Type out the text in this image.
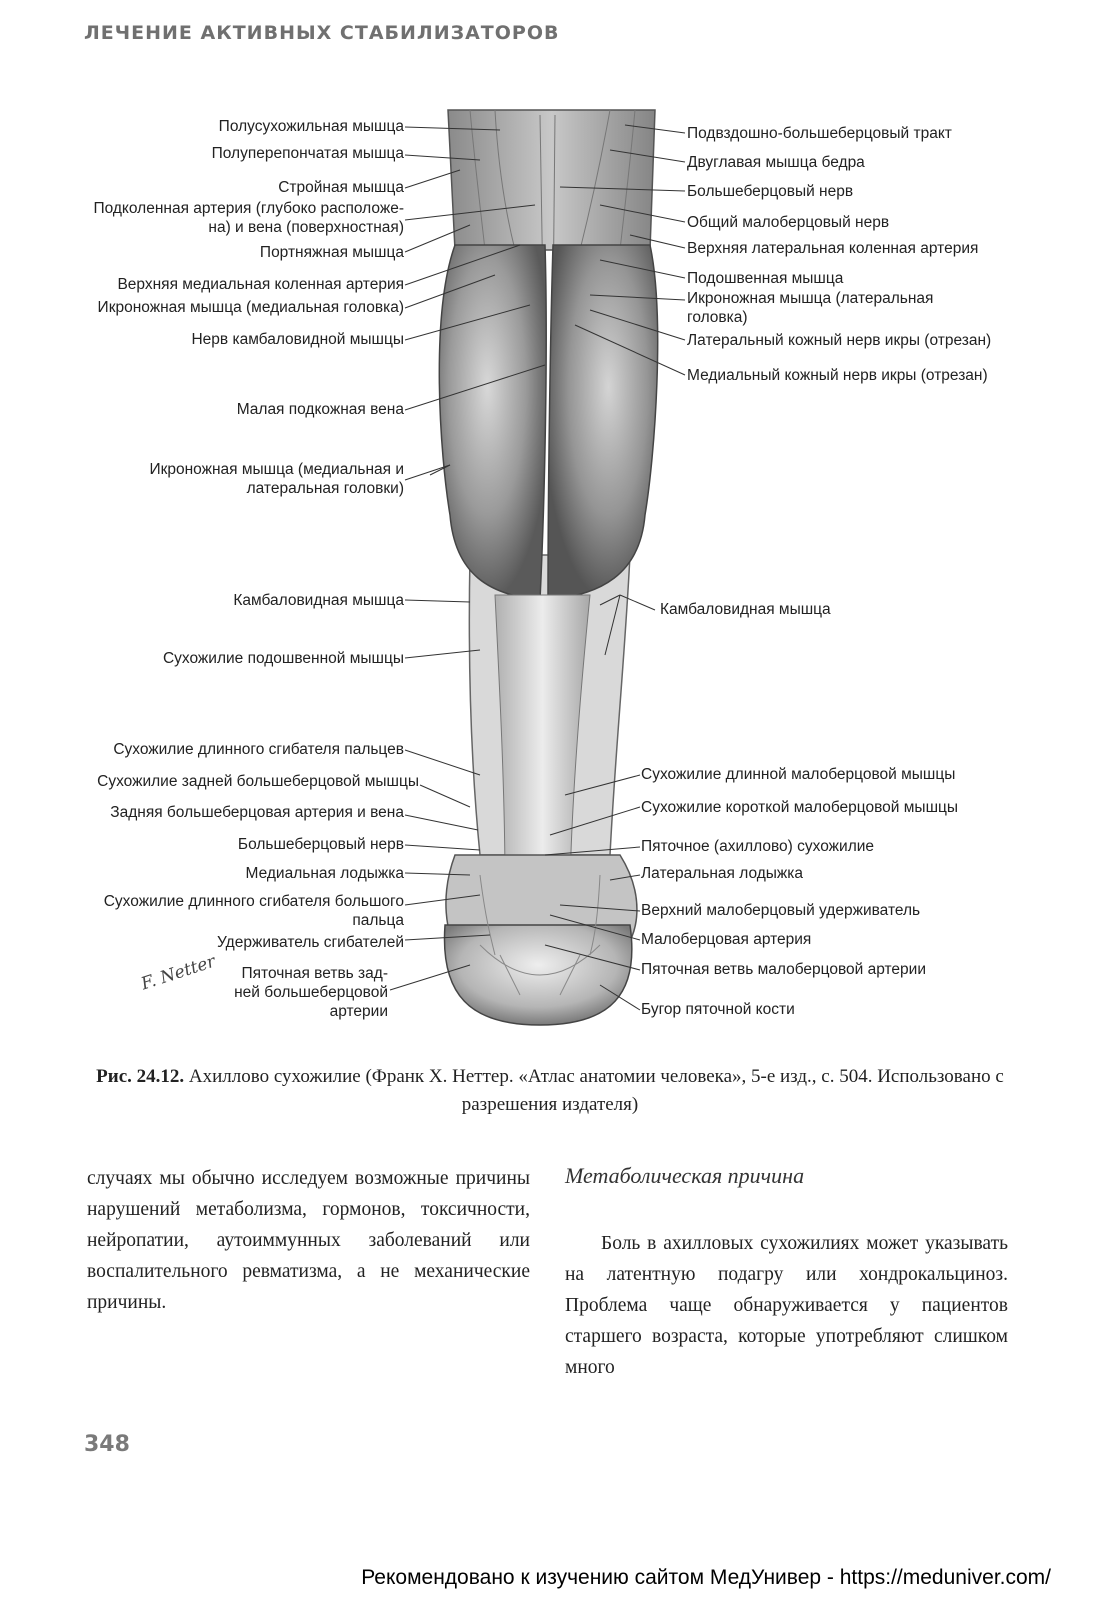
ЛЕЧЕНИЕ АКТИВНЫХ СТАБИЛИЗАТОРОВ
F. Netter
Полусухожильная мышца
Полуперепончатая мышца
Стройная мышца
Подколенная артерия (глубоко расположе-
на) и вена (поверхностная)
Портняжная мышца
Верхняя медиальная коленная артерия
Икроножная мышца (медиальная головка)
Нерв камбаловидной мышцы
Малая подкожная вена
Икроножная мышца (медиальная и
латеральная головки)
Камбаловидная мышца
Сухожилие подошвенной мышцы
Сухожилие длинного сгибателя пальцев
Сухожилие задней большеберцовой мышцы
Задняя большеберцовая артерия и вена
Большеберцовый нерв
Медиальная лодыжка
Сухожилие длинного сгибателя большого
пальца
Удерживатель сгибателей
Пяточная ветвь зад-
ней большеберцовой
артерии
Подвздошно-большеберцовый тракт
Двуглавая мышца бедра
Большеберцовый нерв
Общий малоберцовый нерв
Верхняя латеральная коленная артерия
Подошвенная мышца
Икроножная мышца (латеральная
головка)
Латеральный кожный нерв икры (отрезан)
Медиальный кожный нерв икры (отрезан)
Камбаловидная мышца
Сухожилие длинной малоберцовой мышцы
Сухожилие короткой малоберцовой мышцы
Пяточное (ахиллово) сухожилие
Латеральная лодыжка
Верхний малоберцовый удерживатель
Малоберцовая артерия
Пяточная ветвь малоберцовой артерии
Бугор пяточной кости
Рис. 24.12. Ахиллово сухожилие (Франк Х. Неттер. «Атлас анатомии человека», 5-е изд., с. 504. Использовано с разрешения издателя)
случаях мы обычно исследуем возможные причины нарушений метаболизма, гормонов, токсичности, нейропатии, аутоиммунных заболеваний или воспалительного ревматизма, а не механические причины.
Метаболическая причина
Боль в ахилловых сухожилиях может указывать на латентную подагру или хондрокальциноз. Проблема чаще обнаруживается у пациентов старшего возраста, которые употребляют слишком много
348
Рекомендовано к изучению сайтом МедУнивер - https://meduniver.com/
